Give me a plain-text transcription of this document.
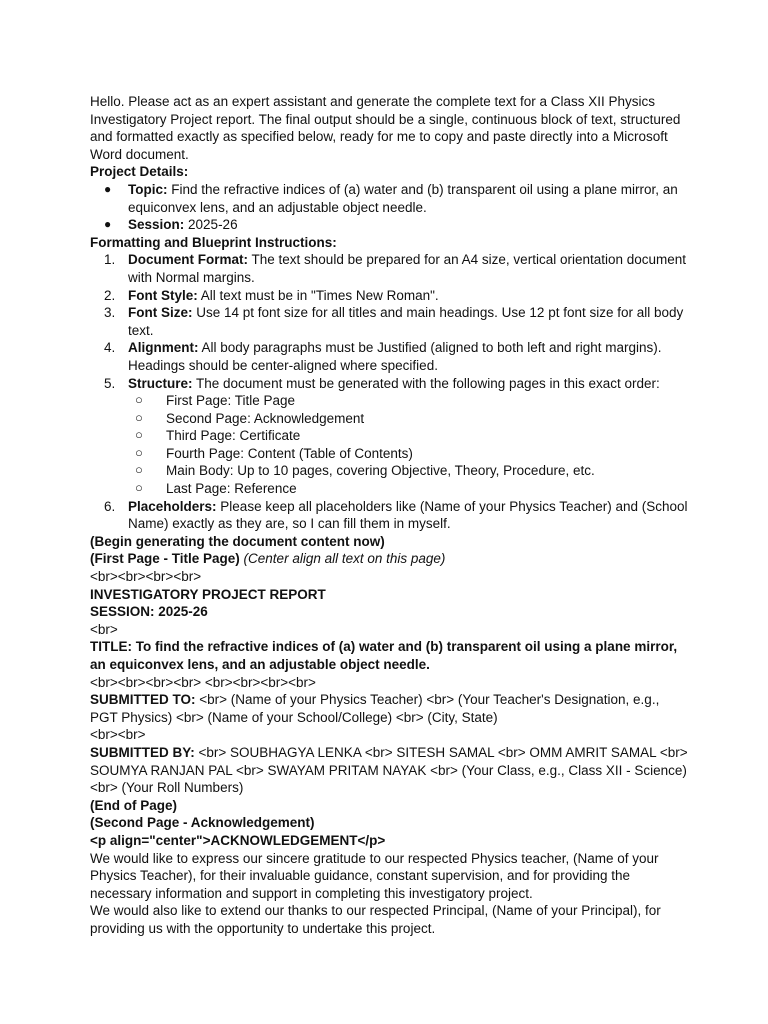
Hello. Please act as an expert assistant and generate the complete text for a Class XII Physics Investigatory Project report. The final output should be a single, continuous block of text, structured and formatted exactly as specified below, ready for me to copy and paste directly into a Microsoft Word document.

Project Details:

● Topic: Find the refractive indices of (a) water and (b) transparent oil using a plane mirror, an equiconvex lens, and an adjustable object needle.
● Session: 2025-26

Formatting and Blueprint Instructions:

1. Document Format: The text should be prepared for an A4 size, vertical orientation document with Normal margins.
2. Font Style: All text must be in "Times New Roman".
3. Font Size: Use 14 pt font size for all titles and main headings. Use 12 pt font size for all body text.
4. Alignment: All body paragraphs must be Justified (aligned to both left and right margins). Headings should be center-aligned where specified.
5. Structure: The document must be generated with the following pages in this exact order:
○ First Page: Title Page
○ Second Page: Acknowledgement
○ Third Page: Certificate
○ Fourth Page: Content (Table of Contents)
○ Main Body: Up to 10 pages, covering Objective, Theory, Procedure, etc.
○ Last Page: Reference
6. Placeholders: Please keep all placeholders like (Name of your Physics Teacher) and (School Name) exactly as they are, so I can fill them in myself.

(Begin generating the document content now)

(First Page - Title Page) (Center align all text on this page)

<br><br><br><br>

INVESTIGATORY PROJECT REPORT

SESSION: 2025-26

<br>

TITLE: To find the refractive indices of (a) water and (b) transparent oil using a plane mirror, an equiconvex lens, and an adjustable object needle.

<br><br><br><br> <br><br><br><br>

SUBMITTED TO: <br> (Name of your Physics Teacher) <br> (Your Teacher's Designation, e.g., PGT Physics) <br> (Name of your School/College) <br> (City, State)

<br><br>

SUBMITTED BY: <br> SOUBHAGYA LENKA <br> SITESH SAMAL <br> OMM AMRIT SAMAL <br> SOUMYA RANJAN PAL <br> SWAYAM PRITAM NAYAK <br> (Your Class, e.g., Class XII - Science) <br> (Your Roll Numbers)

(End of Page)

(Second Page - Acknowledgement)

<p align="center">ACKNOWLEDGEMENT</p>

We would like to express our sincere gratitude to our respected Physics teacher, (Name of your Physics Teacher), for their invaluable guidance, constant supervision, and for providing the necessary information and support in completing this investigatory project.

We would also like to extend our thanks to our respected Principal, (Name of your Principal), for providing us with the opportunity to undertake this project.
